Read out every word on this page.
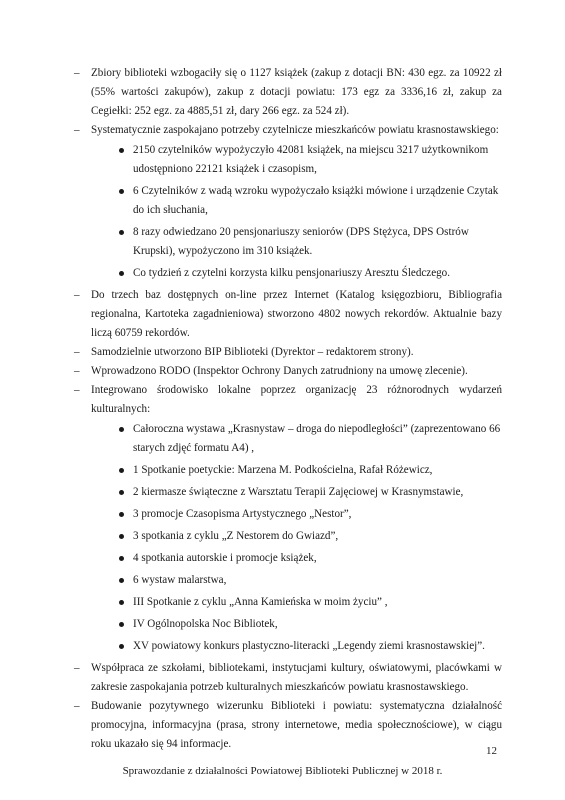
– Zbiory biblioteki wzbogaciły się o 1127 książek (zakup z dotacji BN: 430 egz. za 10922 zł (55% wartości zakupów), zakup z dotacji powiatu: 173 egz za 3336,16 zł, zakup za Cegiełki: 252 egz. za 4885,51 zł, dary 266 egz. za 524 zł).
– Systematycznie zaspokajano potrzeby czytelnicze mieszkańców powiatu krasnostawskiego:
2150 czytelników wypożyczyło 42081 książek, na miejscu 3217 użytkownikom udostępniono 22121 książek i czasopism,
6 Czytelników z wadą wzroku wypożyczało książki mówione i urządzenie Czytak do ich słuchania,
8 razy odwiedzano 20 pensjonariuszy seniorów (DPS Stężyca, DPS Ostrów Krupski), wypożyczono im 310 książek.
Co tydzień z czytelni korzysta kilku pensjonariuszy Aresztu Śledczego.
– Do trzech baz dostępnych on-line przez Internet (Katalog księgozbioru, Bibliografia regionalna, Kartoteka zagadnieniowa) stworzono 4802 nowych rekordów. Aktualnie bazy liczą 60759 rekordów.
– Samodzielnie utworzono BIP Biblioteki (Dyrektor – redaktorem strony).
– Wprowadzono RODO (Inspektor Ochrony Danych zatrudniony na umowę zlecenie).
– Integrowano środowisko lokalne poprzez organizację 23 różnorodnych wydarzeń kulturalnych:
Całoroczna wystawa „Krasnystaw – droga do niepodległości” (zaprezentowano 66 starych zdjęć formatu A4) ,
1 Spotkanie poetyckie: Marzena M. Podkościelna, Rafał Różewicz,
2 kiermasze świąteczne z Warsztatu Terapii Zajęciowej w Krasnymstawie,
3 promocje Czasopisma Artystycznego „Nestor”,
3 spotkania z cyklu „Z Nestorem do Gwiazd”,
4 spotkania autorskie i promocje książek,
6 wystaw malarstwa,
III Spotkanie z cyklu „Anna Kamieńska w moim życiu” ,
IV Ogólnopolska Noc Bibliotek,
XV powiatowy konkurs plastyczno-literacki „Legendy ziemi krasnostawskiej”.
– Współpraca ze szkołami, bibliotekami, instytucjami kultury, oświatowymi, placówkami w zakresie zaspokajania potrzeb kulturalnych mieszkańców powiatu krasnostawskiego.
– Budowanie pozytywnego wizerunku Biblioteki i powiatu: systematyczna działalność promocyjna, informacyjna (prasa, strony internetowe, media społecznościowe), w ciągu roku ukazało się 94 informacje.
12
Sprawozdanie z działalności Powiatowej Biblioteki Publicznej w 2018 r.
